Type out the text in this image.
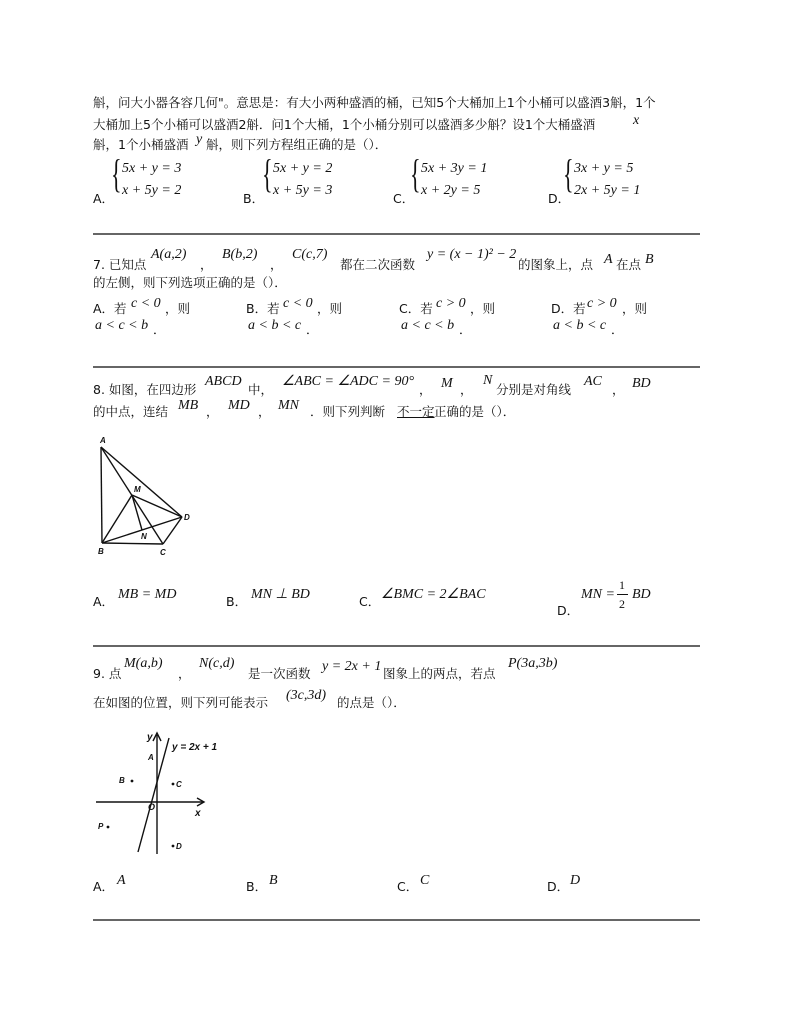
斛，问大小器各容几何"。意思是：有大小两种盛酒的桶，已知5个大桶加上1个小桶可以盛酒3斛，1个
大桶加上5个小桶可以盛酒2斛．问1个大桶，1个小桶分别可以盛酒多少斛？设1个大桶盛酒	x
斛，1个小桶盛酒 y 斛，则下列方程组正确的是（）．
A．
{ 5x + y = 3
x + 5y = 2
B．
{ 5x + y = 2
x + 5y = 3
C．
{ 5x + 3y = 1
x + 2y = 5
D．
{ 3x + y = 5
2x + 5y = 1
7. 已知点
A(a,2)
，
B(b,2)
，
C(c,7)
都在二次函数
y = (x − 1)² − 2
的图象上，点 A 在点 B
的左侧，则下列选项正确的是（）．
A．若 c < 0 ，则
a < c < b ．
B．若 c < 0 ，则
a < b < c ．
C．若 c > 0 ，则
a < c < b ．
D．若 c > 0 ，则
a < b < c ．
8. 如图，在四边形
ABCD
中，
∠ABC = ∠ADC = 90°
， M ，
N
分别是对角线
AC
， BD
的中点，连结 MB ， MD ， MN ．则下列判断 不一定 正确的是（）．
A
B	C
D
M
N
A． MB = MD	B． MN ⊥ BD	C． ∠BMC = 2∠BAC
D．
MN =
1
2
BD
9. 点
M(a,b)
，
N(c,d)
是一次函数 y = 2x + 1 图象上的两点，若点
P(3a,3b)
在如图的位置，则下列可能表示 (3c,3d) 的点是（）．
y
x
O
y = 2x + 1
A
B	C
P
D
A． A	B． B	C． C	D． D
